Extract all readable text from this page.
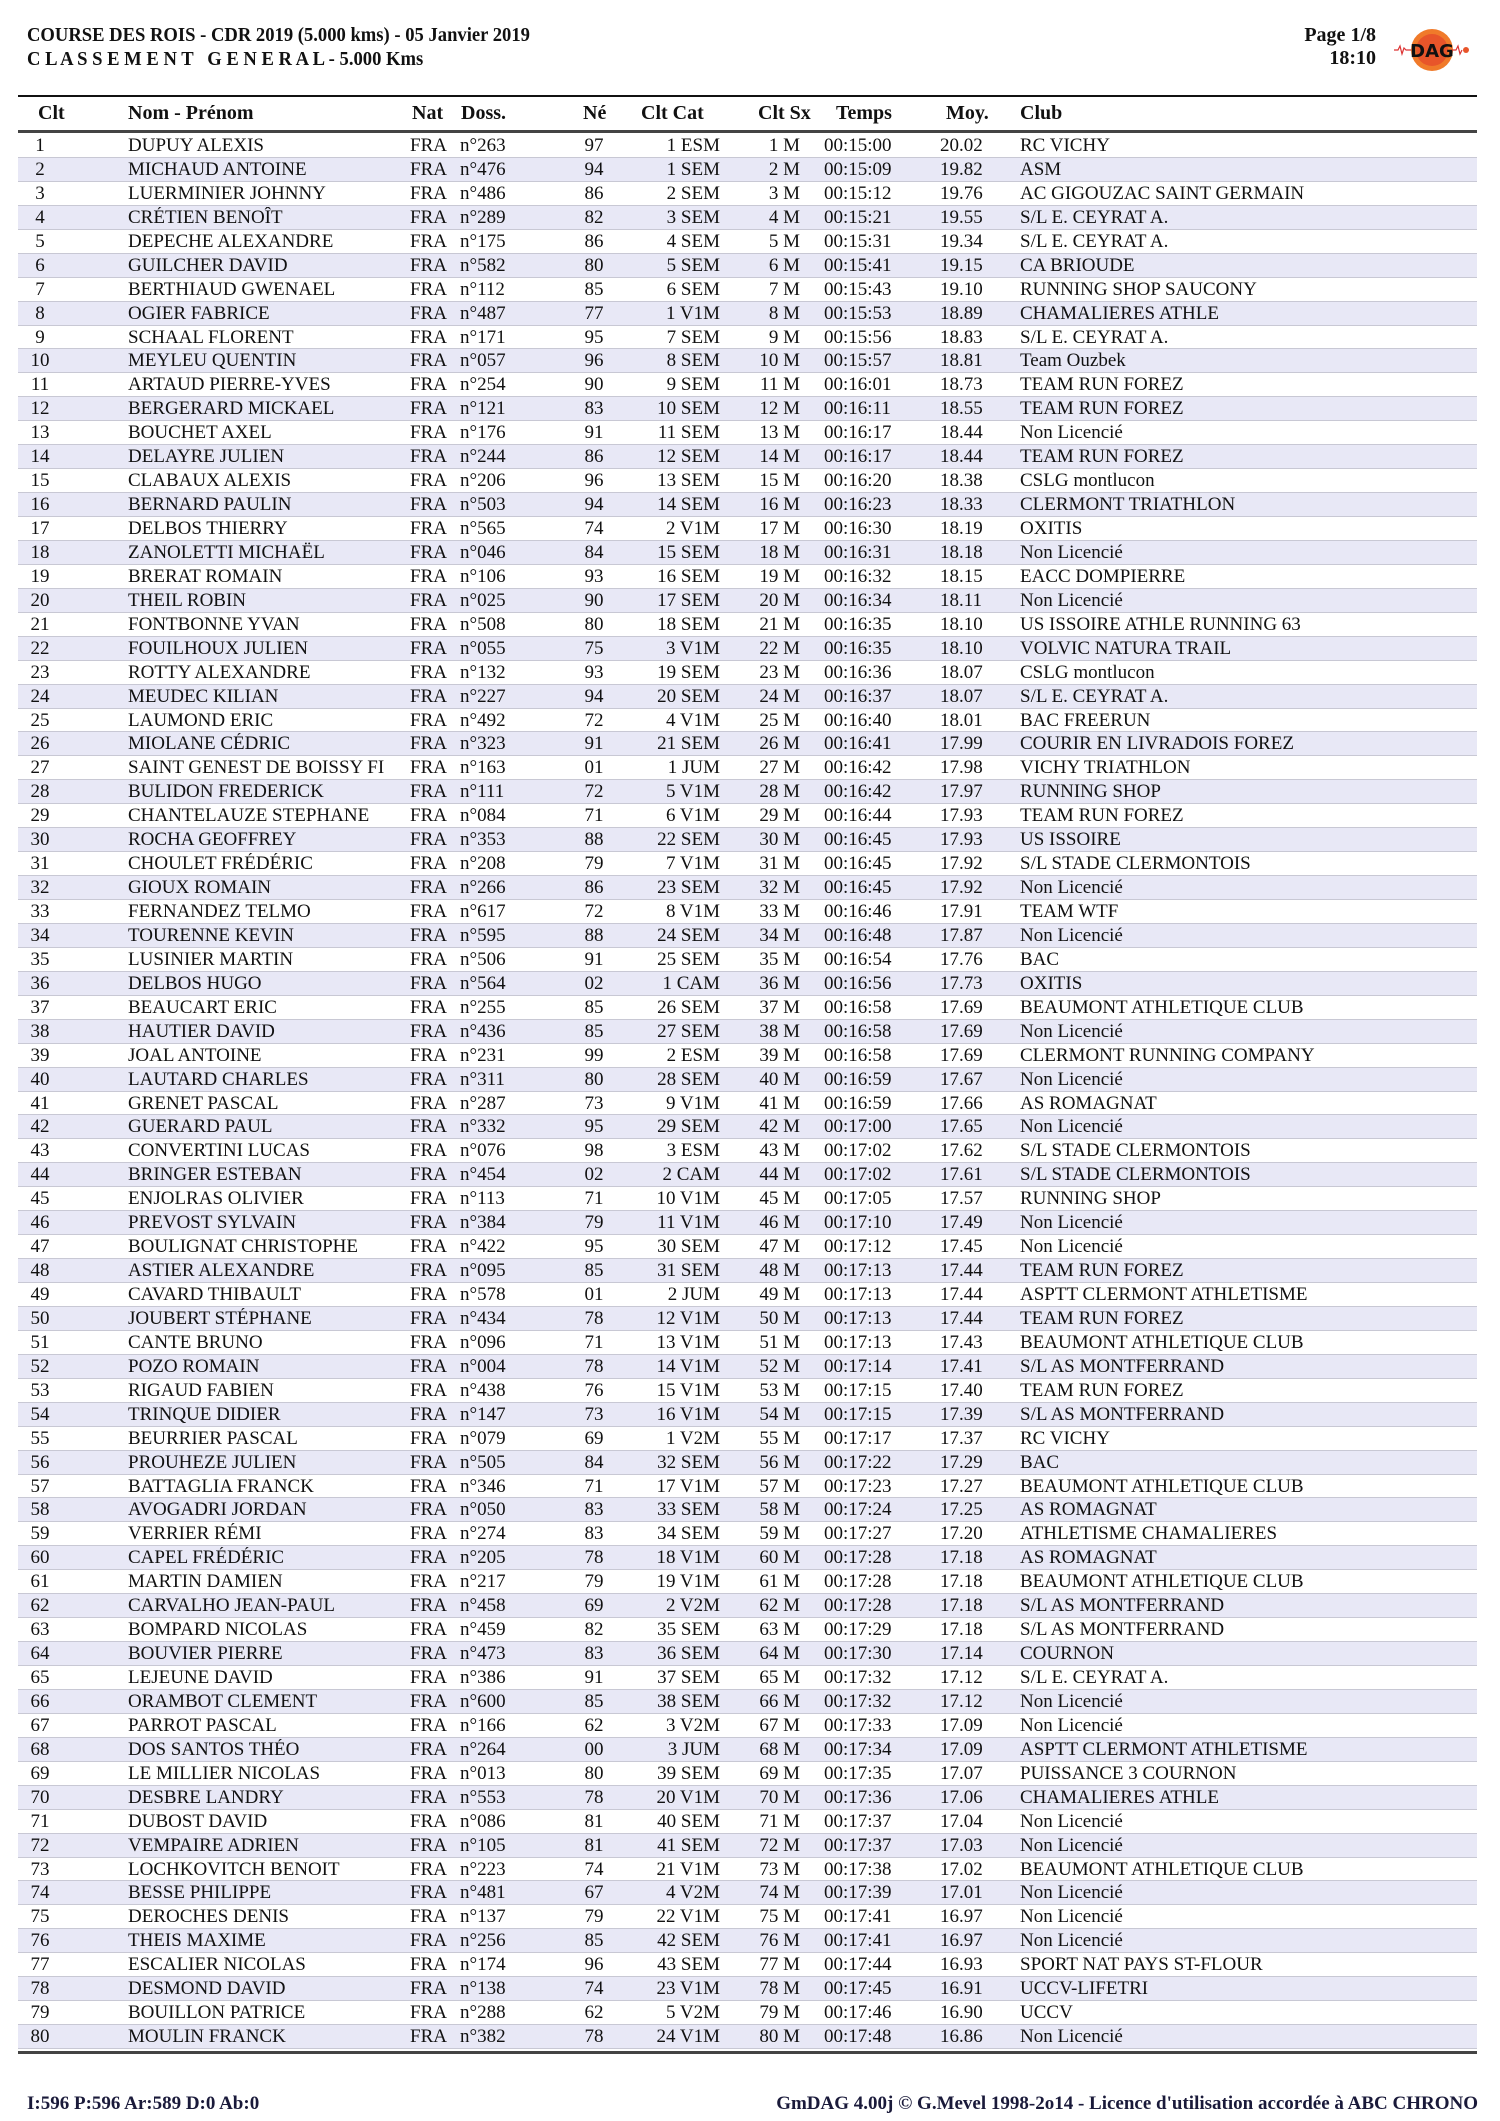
COURSE DES ROIS - CDR 2019 (5.000 kms) - 05 Janvier 2019
C L A S S E M E N T   G E N E R A L - 5.000 Kms
Page 1/8
18:10 DAG
Clt	Nom - Prénom	Nat Doss.	Né Clt Cat	Clt Sx Temps	Moy. Club
1	DUPUY ALEXIS	FRA n°263	97	1 ESM	1 M 00:15:00	20.02 RC VICHY
2	MICHAUD ANTOINE	FRA n°476	94	1 SEM	2 M 00:15:09	19.82 ASM
3	LUERMINIER JOHNNY	FRA n°486	86	2 SEM	3 M 00:15:12	19.76 AC GIGOUZAC SAINT GERMAIN
4	CRÉTIEN BENOÎT	FRA n°289	82	3 SEM	4 M 00:15:21	19.55 S/L E. CEYRAT A.
5	DEPECHE ALEXANDRE	FRA n°175	86	4 SEM	5 M 00:15:31	19.34 S/L E. CEYRAT A.
6	GUILCHER DAVID	FRA n°582	80	5 SEM	6 M 00:15:41	19.15 CA BRIOUDE
7	BERTHIAUD GWENAEL	FRA n°112	85	6 SEM	7 M 00:15:43	19.10 RUNNING SHOP SAUCONY
8	OGIER FABRICE	FRA n°487	77	1 V1M	8 M 00:15:53	18.89 CHAMALIERES ATHLE
9	SCHAAL FLORENT	FRA n°171	95	7 SEM	9 M 00:15:56	18.83 S/L E. CEYRAT A.
10	MEYLEU QUENTIN	FRA n°057	96	8 SEM	10 M 00:15:57	18.81 Team Ouzbek
11	ARTAUD PIERRE-YVES	FRA n°254	90	9 SEM	11 M 00:16:01	18.73 TEAM RUN FOREZ
12	BERGERARD MICKAEL	FRA n°121	83	10 SEM	12 M 00:16:11	18.55 TEAM RUN FOREZ
13	BOUCHET AXEL	FRA n°176	91	11 SEM	13 M 00:16:17	18.44 Non Licencié
14	DELAYRE JULIEN	FRA n°244	86	12 SEM	14 M 00:16:17	18.44 TEAM RUN FOREZ
15	CLABAUX ALEXIS	FRA n°206	96	13 SEM	15 M 00:16:20	18.38 CSLG montlucon
16	BERNARD PAULIN	FRA n°503	94	14 SEM	16 M 00:16:23	18.33 CLERMONT TRIATHLON
17	DELBOS THIERRY	FRA n°565	74	2 V1M	17 M 00:16:30	18.19 OXITIS
18	ZANOLETTI MICHAËL	FRA n°046	84	15 SEM	18 M 00:16:31	18.18 Non Licencié
19	BRERAT ROMAIN	FRA n°106	93	16 SEM	19 M 00:16:32	18.15 EACC DOMPIERRE
20	THEIL ROBIN	FRA n°025	90	17 SEM	20 M 00:16:34	18.11 Non Licencié
21	FONTBONNE YVAN	FRA n°508	80	18 SEM	21 M 00:16:35	18.10 US ISSOIRE ATHLE RUNNING 63
22	FOUILHOUX JULIEN	FRA n°055	75	3 V1M	22 M 00:16:35	18.10 VOLVIC NATURA TRAIL
23	ROTTY ALEXANDRE	FRA n°132	93	19 SEM	23 M 00:16:36	18.07 CSLG montlucon
24	MEUDEC KILIAN	FRA n°227	94	20 SEM	24 M 00:16:37	18.07 S/L E. CEYRAT A.
25	LAUMOND ERIC	FRA n°492	72	4 V1M	25 M 00:16:40	18.01 BAC FREERUN
26	MIOLANE CÉDRIC	FRA n°323	91	21 SEM	26 M 00:16:41	17.99 COURIR EN LIVRADOIS FOREZ
27	SAINT GENEST DE BOISSY FI	FRA n°163	01	1 JUM	27 M 00:16:42	17.98 VICHY TRIATHLON
28	BULIDON FREDERICK	FRA n°111	72	5 V1M	28 M 00:16:42	17.97 RUNNING SHOP
29	CHANTELAUZE STEPHANE	FRA n°084	71	6 V1M	29 M 00:16:44	17.93 TEAM RUN FOREZ
30	ROCHA GEOFFREY	FRA n°353	88	22 SEM	30 M 00:16:45	17.93 US ISSOIRE
31	CHOULET FRÉDÉRIC	FRA n°208	79	7 V1M	31 M 00:16:45	17.92 S/L STADE CLERMONTOIS
32	GIOUX ROMAIN	FRA n°266	86	23 SEM	32 M 00:16:45	17.92 Non Licencié
33	FERNANDEZ TELMO	FRA n°617	72	8 V1M	33 M 00:16:46	17.91 TEAM WTF
34	TOURENNE KEVIN	FRA n°595	88	24 SEM	34 M 00:16:48	17.87 Non Licencié
35	LUSINIER MARTIN	FRA n°506	91	25 SEM	35 M 00:16:54	17.76 BAC
36	DELBOS HUGO	FRA n°564	02	1 CAM	36 M 00:16:56	17.73 OXITIS
37	BEAUCART ERIC	FRA n°255	85	26 SEM	37 M 00:16:58	17.69 BEAUMONT ATHLETIQUE CLUB
38	HAUTIER DAVID	FRA n°436	85	27 SEM	38 M 00:16:58	17.69 Non Licencié
39	JOAL ANTOINE	FRA n°231	99	2 ESM	39 M 00:16:58	17.69 CLERMONT RUNNING COMPANY
40	LAUTARD CHARLES	FRA n°311	80	28 SEM	40 M 00:16:59	17.67 Non Licencié
41	GRENET PASCAL	FRA n°287	73	9 V1M	41 M 00:16:59	17.66 AS ROMAGNAT
42	GUERARD PAUL	FRA n°332	95	29 SEM	42 M 00:17:00	17.65 Non Licencié
43	CONVERTINI LUCAS	FRA n°076	98	3 ESM	43 M 00:17:02	17.62 S/L STADE CLERMONTOIS
44	BRINGER ESTEBAN	FRA n°454	02	2 CAM	44 M 00:17:02	17.61 S/L STADE CLERMONTOIS
45	ENJOLRAS OLIVIER	FRA n°113	71	10 V1M	45 M 00:17:05	17.57 RUNNING SHOP
46	PREVOST SYLVAIN	FRA n°384	79	11 V1M	46 M 00:17:10	17.49 Non Licencié
47	BOULIGNAT CHRISTOPHE	FRA n°422	95	30 SEM	47 M 00:17:12	17.45 Non Licencié
48	ASTIER ALEXANDRE	FRA n°095	85	31 SEM	48 M 00:17:13	17.44 TEAM RUN FOREZ
49	CAVARD THIBAULT	FRA n°578	01	2 JUM	49 M 00:17:13	17.44 ASPTT CLERMONT ATHLETISME
50	JOUBERT STÉPHANE	FRA n°434	78	12 V1M	50 M 00:17:13	17.44 TEAM RUN FOREZ
51	CANTE BRUNO	FRA n°096	71	13 V1M	51 M 00:17:13	17.43 BEAUMONT ATHLETIQUE CLUB
52	POZO ROMAIN	FRA n°004	78	14 V1M	52 M 00:17:14	17.41 S/L AS MONTFERRAND
53	RIGAUD FABIEN	FRA n°438	76	15 V1M	53 M 00:17:15	17.40 TEAM RUN FOREZ
54	TRINQUE DIDIER	FRA n°147	73	16 V1M	54 M 00:17:15	17.39 S/L AS MONTFERRAND
55	BEURRIER PASCAL	FRA n°079	69	1 V2M	55 M 00:17:17	17.37 RC VICHY
56	PROUHEZE JULIEN	FRA n°505	84	32 SEM	56 M 00:17:22	17.29 BAC
57	BATTAGLIA FRANCK	FRA n°346	71	17 V1M	57 M 00:17:23	17.27 BEAUMONT ATHLETIQUE CLUB
58	AVOGADRI JORDAN	FRA n°050	83	33 SEM	58 M 00:17:24	17.25 AS ROMAGNAT
59	VERRIER RÉMI	FRA n°274	83	34 SEM	59 M 00:17:27	17.20 ATHLETISME CHAMALIERES
60	CAPEL FRÉDÉRIC	FRA n°205	78	18 V1M	60 M 00:17:28	17.18 AS ROMAGNAT
61	MARTIN DAMIEN	FRA n°217	79	19 V1M	61 M 00:17:28	17.18 BEAUMONT ATHLETIQUE CLUB
62	CARVALHO JEAN-PAUL	FRA n°458	69	2 V2M	62 M 00:17:28	17.18 S/L AS MONTFERRAND
63	BOMPARD NICOLAS	FRA n°459	82	35 SEM	63 M 00:17:29	17.18 S/L AS MONTFERRAND
64	BOUVIER PIERRE	FRA n°473	83	36 SEM	64 M 00:17:30	17.14 COURNON
65	LEJEUNE DAVID	FRA n°386	91	37 SEM	65 M 00:17:32	17.12 S/L E. CEYRAT A.
66	ORAMBOT CLEMENT	FRA n°600	85	38 SEM	66 M 00:17:32	17.12 Non Licencié
67	PARROT PASCAL	FRA n°166	62	3 V2M	67 M 00:17:33	17.09 Non Licencié
68	DOS SANTOS THÉO	FRA n°264	00	3 JUM	68 M 00:17:34	17.09 ASPTT CLERMONT ATHLETISME
69	LE MILLIER NICOLAS	FRA n°013	80	39 SEM	69 M 00:17:35	17.07 PUISSANCE 3 COURNON
70	DESBRE LANDRY	FRA n°553	78	20 V1M	70 M 00:17:36	17.06 CHAMALIERES ATHLE
71	DUBOST DAVID	FRA n°086	81	40 SEM	71 M 00:17:37	17.04 Non Licencié
72	VEMPAIRE ADRIEN	FRA n°105	81	41 SEM	72 M 00:17:37	17.03 Non Licencié
73	LOCHKOVITCH BENOIT	FRA n°223	74	21 V1M	73 M 00:17:38	17.02 BEAUMONT ATHLETIQUE CLUB
74	BESSE PHILIPPE	FRA n°481	67	4 V2M	74 M 00:17:39	17.01 Non Licencié
75	DEROCHES DENIS	FRA n°137	79	22 V1M	75 M 00:17:41	16.97 Non Licencié
76	THEIS MAXIME	FRA n°256	85	42 SEM	76 M 00:17:41	16.97 Non Licencié
77	ESCALIER NICOLAS	FRA n°174	96	43 SEM	77 M 00:17:44	16.93 SPORT NAT PAYS ST-FLOUR
78	DESMOND DAVID	FRA n°138	74	23 V1M	78 M 00:17:45	16.91 UCCV-LIFETRI
79	BOUILLON PATRICE	FRA n°288	62	5 V2M	79 M 00:17:46	16.90 UCCV
80	MOULIN FRANCK	FRA n°382	78	24 V1M	80 M 00:17:48	16.86 Non Licencié
I:596 P:596 Ar:589 D:0 Ab:0	GmDAG 4.00j © G.Mevel 1998-2o14 - Licence d'utilisation accordée à ABC CHRONO
